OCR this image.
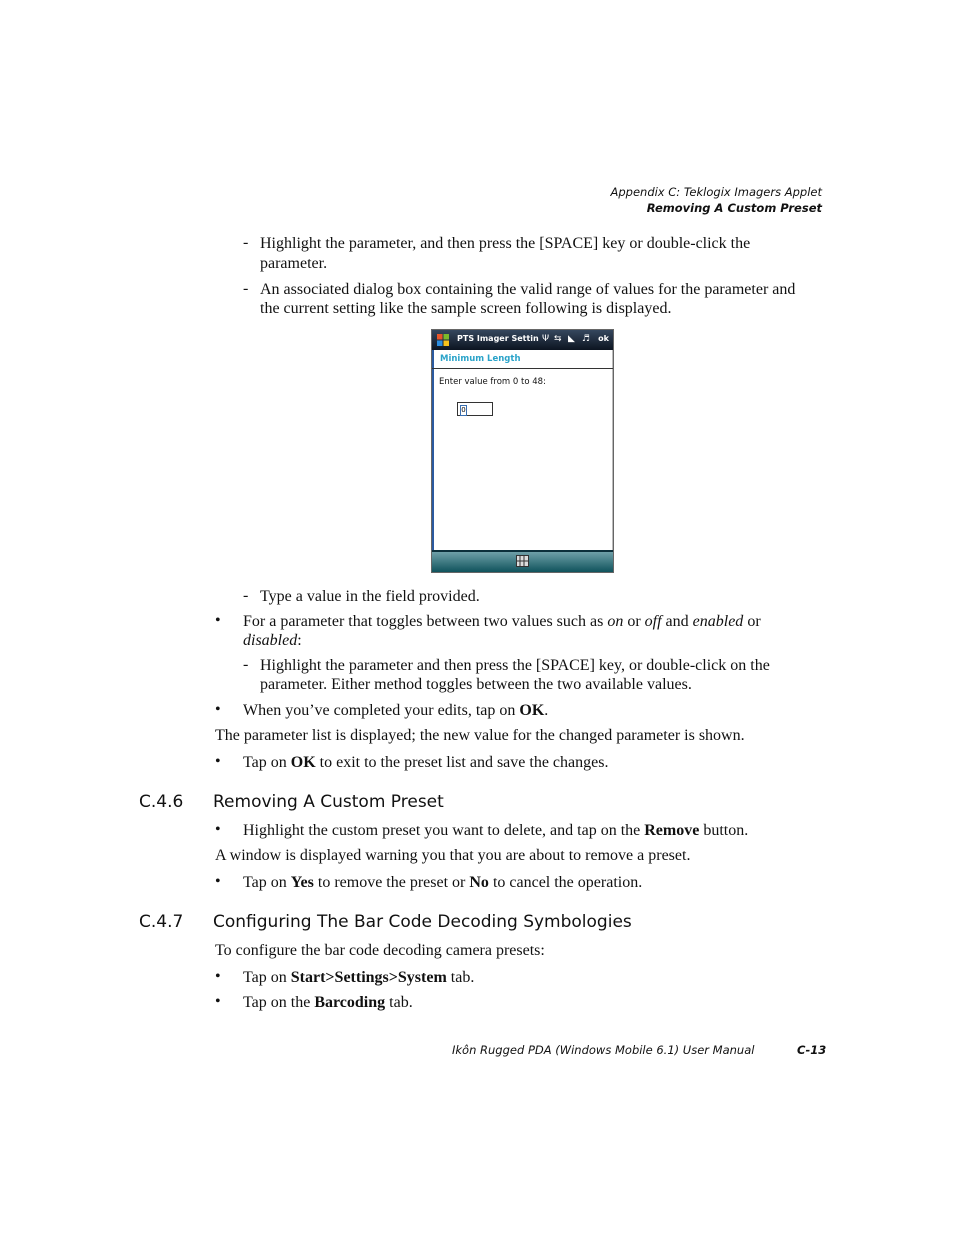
Appendix C: Teklogix Imagers Applet
Removing A Custom Preset
- Highlight the parameter, and then press the [SPACE] key or double-click the
parameter.
- An associated dialog box containing the valid range of values for the parameter and
the current setting like the sample screen following is displayed.
PTS Imager Settin Ψ ⇆ ◣ ♬ ok
Minimum Length
Enter value from 0 to 48:
0
- Type a value in the field provided.
• For a parameter that toggles between two values such as on or off and enabled or
disabled:
- Highlight the parameter and then press the [SPACE] key, or double-click on the
parameter. Either method toggles between the two available values.
• When you’ve completed your edits, tap on OK.
The parameter list is displayed; the new value for the changed parameter is shown.
• Tap on OK to exit to the preset list and save the changes.
C.4.6 Removing A Custom Preset
• Highlight the custom preset you want to delete, and tap on the Remove button.
A window is displayed warning you that you are about to remove a preset.
• Tap on Yes to remove the preset or No to cancel the operation.
C.4.7 Configuring The Bar Code Decoding Symbologies
To configure the bar code decoding camera presets:
• Tap on Start>Settings>System tab.
• Tap on the Barcoding tab.
Ikôn Rugged PDA (Windows Mobile 6.1) User Manual	C-13
